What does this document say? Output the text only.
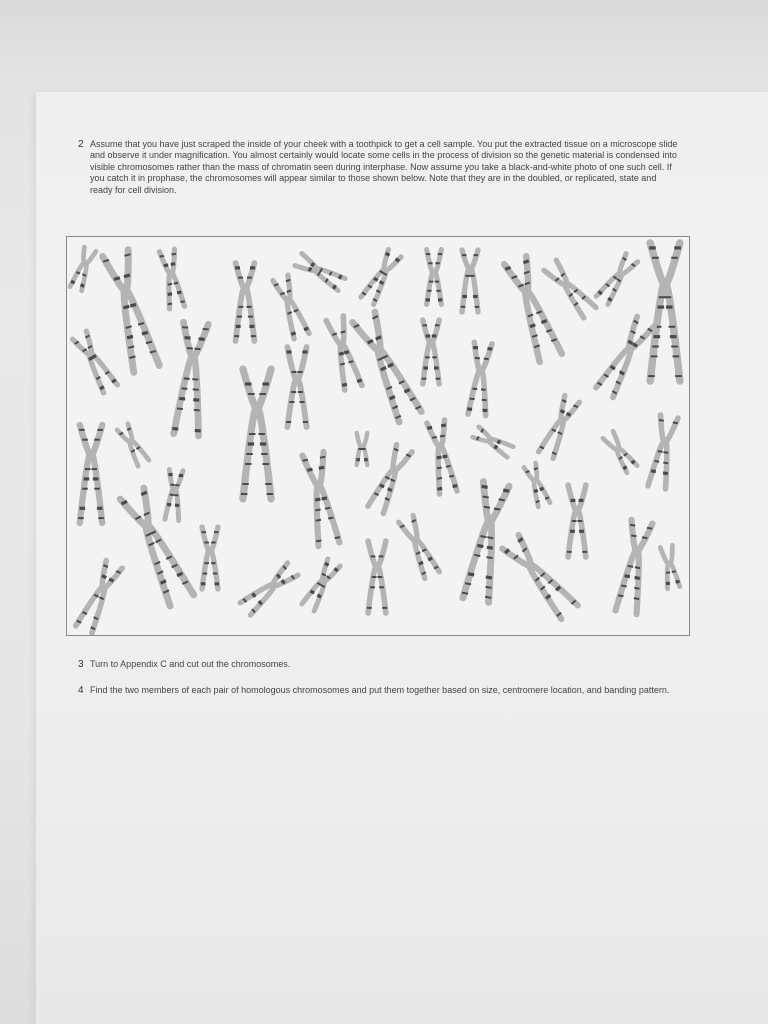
2 Assume that you have just scraped the inside of your cheek with a toothpick to get a cell sample. You put the extracted tissue on a microscope slide and observe it under magnification. You almost certainly would locate some cells in the process of division so the genetic material is condensed into visible chromosomes rather than the mass of chromatin seen during interphase. Now assume you take a black-and-white photo of one such cell. If you catch it in prophase, the chromosomes will appear similar to those shown below. Note that they are in the doubled, or replicated, state and ready for cell division.
3 Turn to Appendix C and cut out the chromosomes.
4 Find the two members of each pair of homologous chromosomes and put them together based on size, centromere location, and banding pattern.
